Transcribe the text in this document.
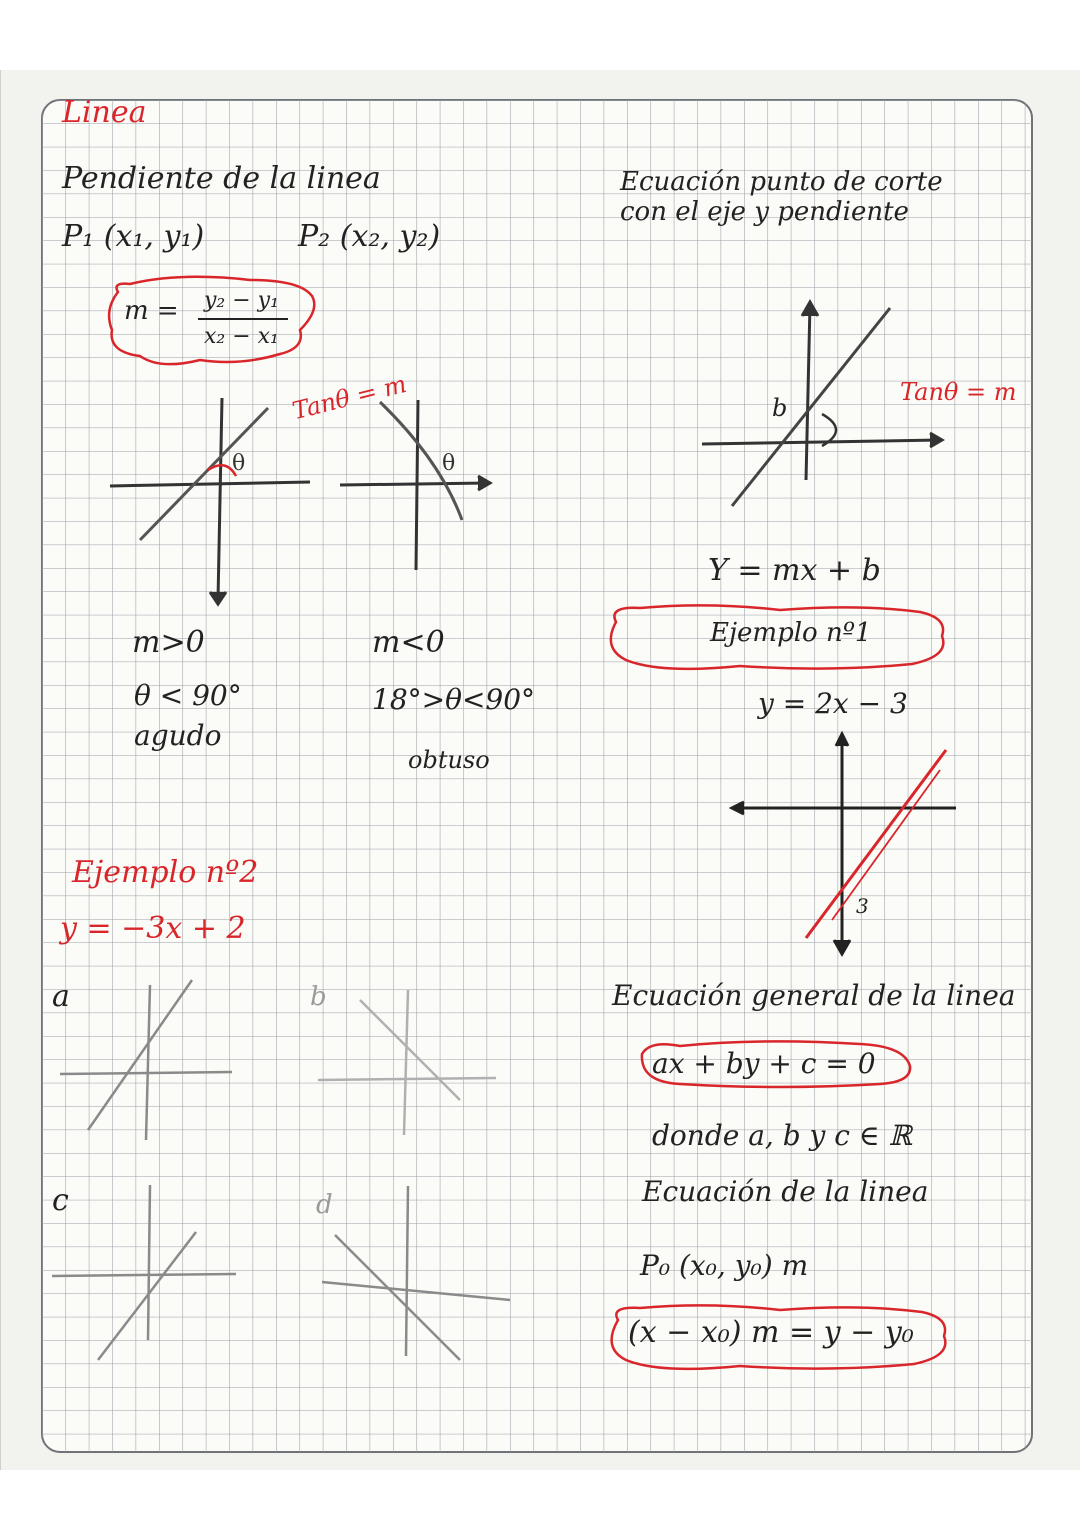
θ	θ
Linea
Pendiente de la linea
P₁ (x₁, y₁)	P₂ (x₂, y₂)
m = y₂ − y₁
x₂ − x₁
Tanθ = m
m>0
θ < 90°
agudo
m<0
18°>θ<90°
obtuso
Ejemplo nº2
y = −3x + 2
a	b
c	d
Ecuación punto de corte con el eje y pendiente
Tanθ = m
b
Y = mx + b
Ejemplo nº1
y = 2x − 3
3
Ecuación general de la linea
ax + by + c = 0
donde a, b y c ∈ ℝ
Ecuación de la linea
P₀ (x₀, y₀) m
(x − x₀) m = y − y₀
